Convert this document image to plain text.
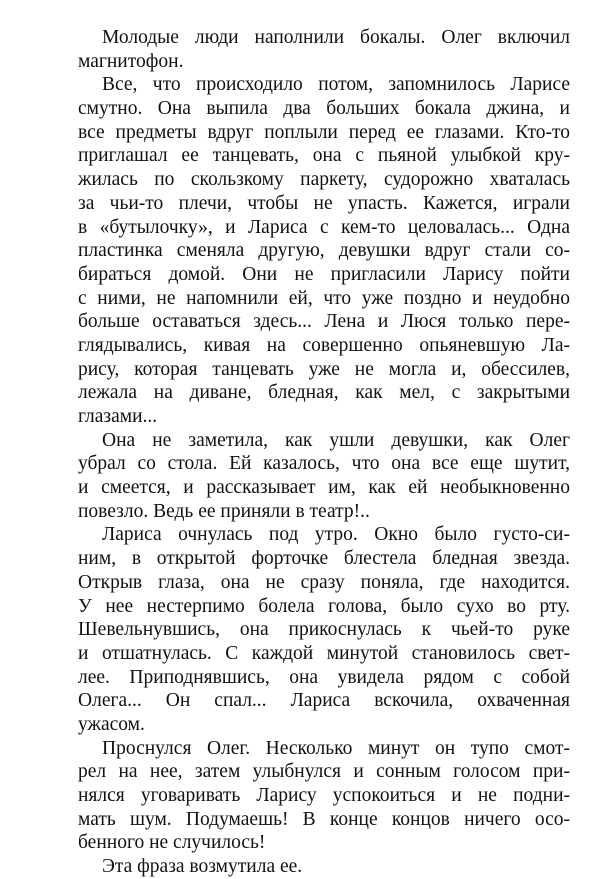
Молодые люди наполнили бокалы. Олег включил
магнитофон.
Все, что происходило потом, запомнилось Ларисе
смутно. Она выпила два больших бокала джина, и
все предметы вдруг поплыли перед ее глазами. Кто-то
приглашал ее танцевать, она с пьяной улыбкой кру-
жилась по скользкому паркету, судорожно хваталась
за чьи-то плечи, чтобы не упасть. Кажется, играли
в «бутылочку», и Лариса с кем-то целовалась... Одна
пластинка сменяла другую, девушки вдруг стали со-
бираться домой. Они не пригласили Ларису пойти
с ними, не напомнили ей, что уже поздно и неудобно
больше оставаться здесь... Лена и Люся только пере-
глядывались, кивая на совершенно опьяневшую Ла-
рису, которая танцевать уже не могла и, обессилев,
лежала на диване, бледная, как мел, с закрытыми
глазами...
Она не заметила, как ушли девушки, как Олег
убрал со стола. Ей казалось, что она все еще шутит,
и смеется, и рассказывает им, как ей необыкновенно
повезло. Ведь ее приняли в театр!..
Лариса очнулась под утро. Окно было густо-си-
ним, в открытой форточке блестела бледная звезда.
Открыв глаза, она не сразу поняла, где находится.
У нее нестерпимо болела голова, было сухо во рту.
Шевельнувшись, она прикоснулась к чьей-то руке
и отшатнулась. С каждой минутой становилось свет-
лее. Приподнявшись, она увидела рядом с собой
Олега... Он спал... Лариса вскочила, охваченная
ужасом.
Проснулся Олег. Несколько минут он тупо смот-
рел на нее, затем улыбнулся и сонным голосом при-
нялся уговаривать Ларису успокоиться и не подни-
мать шум. Подумаешь! В конце концов ничего осо-
бенного не случилось!
Эта фраза возмутила ее.
